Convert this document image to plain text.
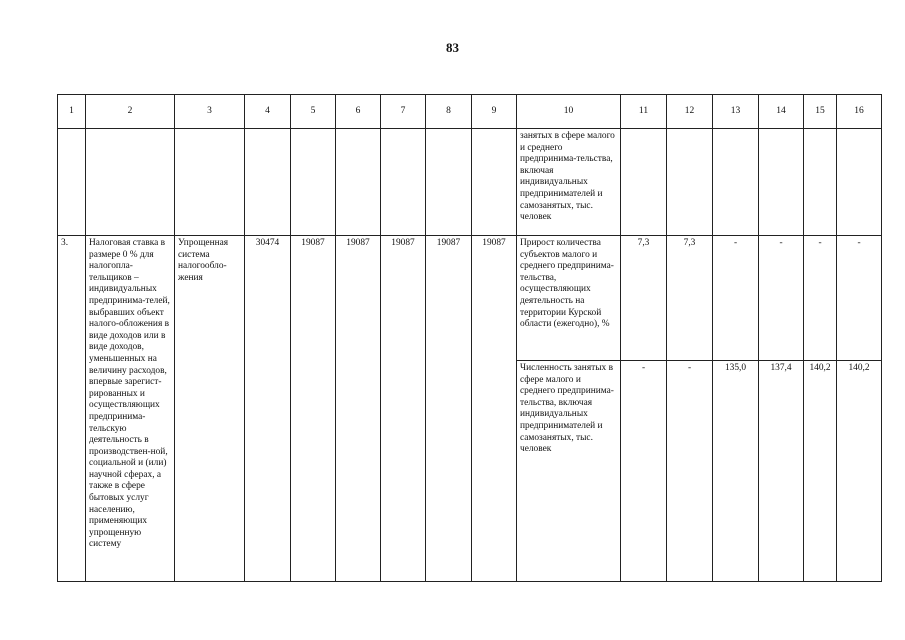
83
1	2	3	4	5	6	7	8	9	10	11	12	13	14	15	16
									занятых в сфере малого и среднего предпринима-тельства, включая индивидуальных предпринимателей и самозанятых, тыс. человек						
3.	Налоговая ставка в размере 0 % для налогопла-тельщиков – индивидуальных предпринима-телей, выбравших объект налого-обложения в виде доходов или в виде доходов, уменьшенных на величину расходов, впервые зарегист-рированных и осуществляющих предпринима-тельскую деятельность в производствен-ной, социальной и (или) научной сферах, а также в сфере бытовых услуг населению, применяющих упрощенную систему	Упрощенная система налогообло-жения	30474	19087	19087	19087	19087	19087	Прирост количества субъектов малого и среднего предпринима-тельства, осуществляющих деятельность на территории Курской области (ежегодно), %	7,3	7,3	-	-	-	-
									Численность занятых в сфере малого и среднего предпринима-тельства, включая индивидуальных предпринимателей и самозанятых, тыс. человек	-	-	135,0	137,4	140,2	140,2
